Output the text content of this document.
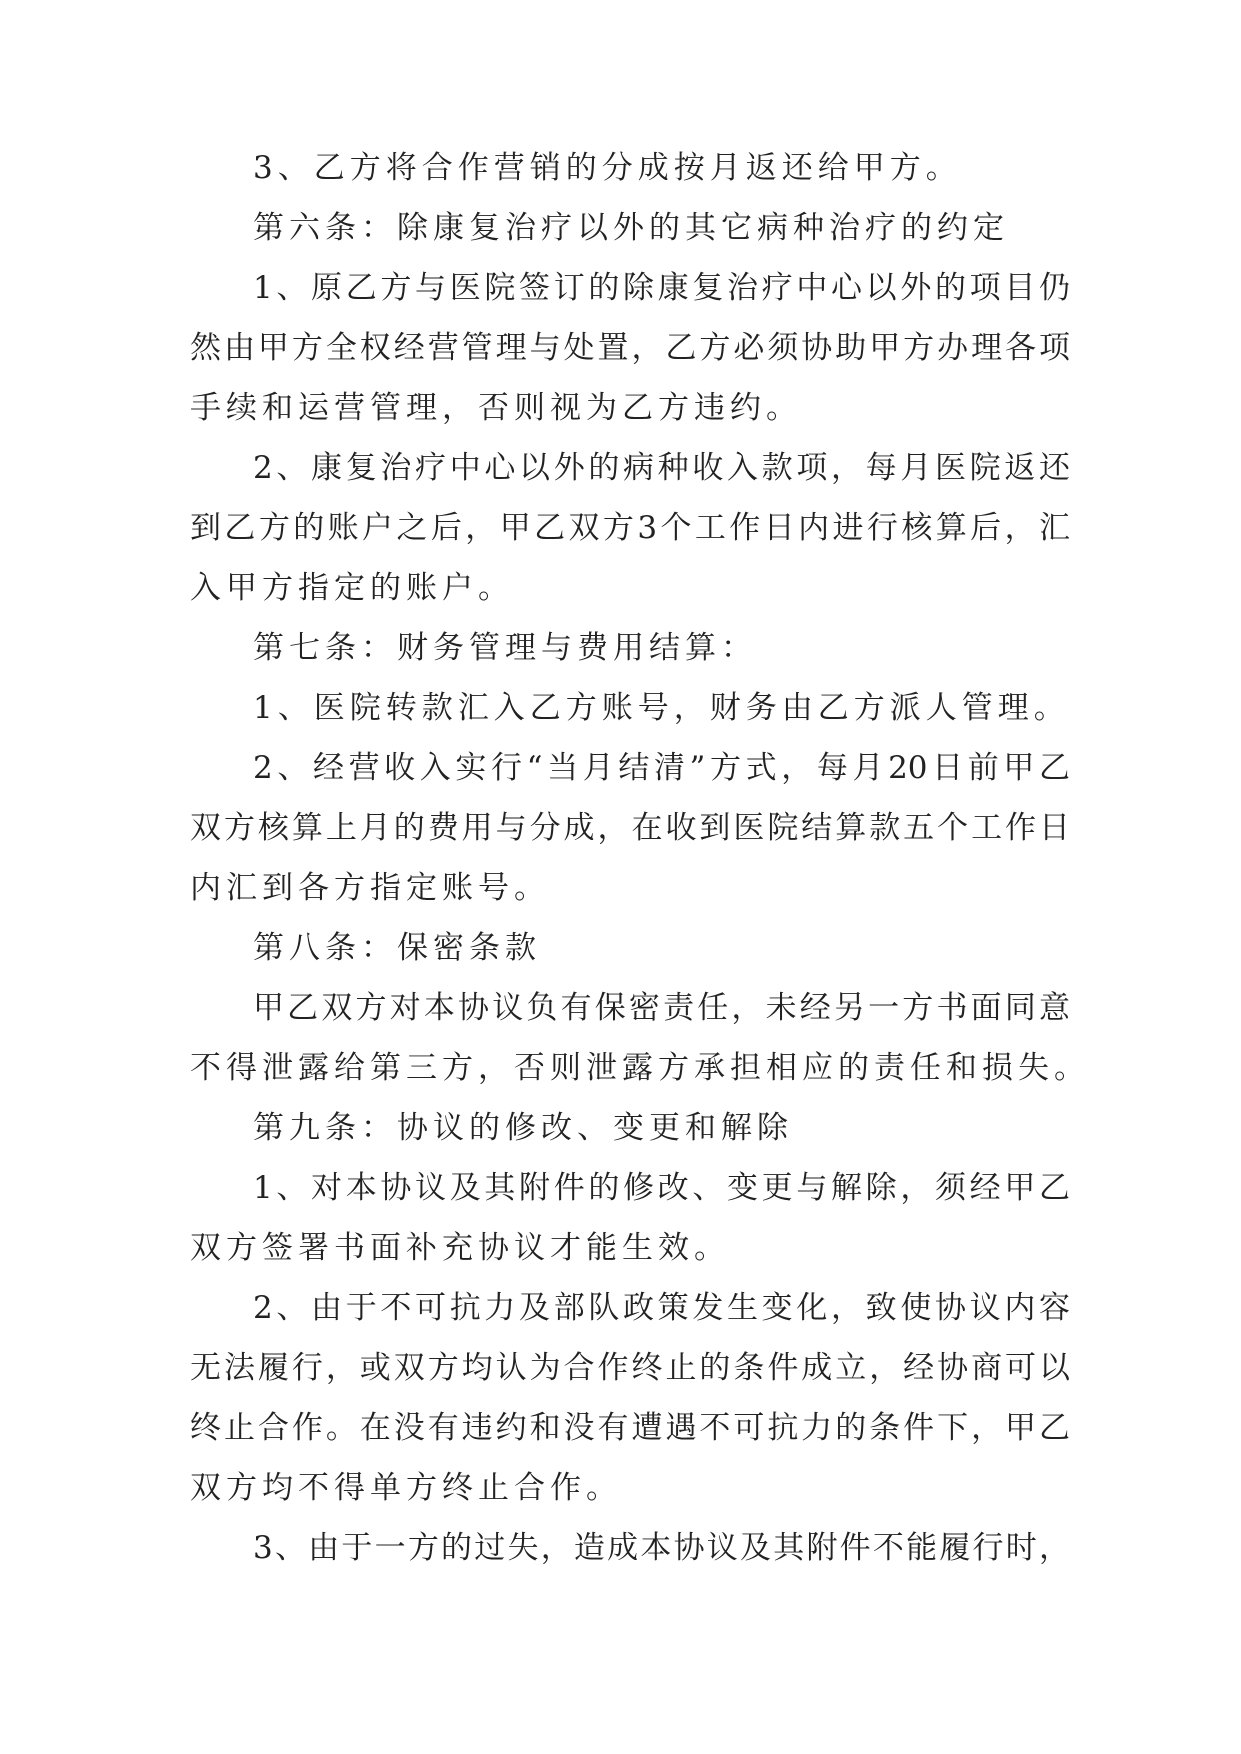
3、乙方将合作营销的分成按月返还给甲方。
第六条：除康复治疗以外的其它病种治疗的约定
1、原乙方与医院签订的除康复治疗中心以外的项目仍
然由甲方全权经营管理与处置，乙方必须协助甲方办理各项
手续和运营管理，否则视为乙方违约。
2、康复治疗中心以外的病种收入款项，每月医院返还
到乙方的账户之后，甲乙双方3个工作日内进行核算后，汇
入甲方指定的账户。
第七条：财务管理与费用结算：
1、医院转款汇入乙方账号，财务由乙方派人管理。
2、经营收入实行“当月结清”方式，每月20日前甲乙
双方核算上月的费用与分成，在收到医院结算款五个工作日
内汇到各方指定账号。
第八条：保密条款
甲乙双方对本协议负有保密责任，未经另一方书面同意
不得泄露给第三方，否则泄露方承担相应的责任和损失。
第九条：协议的修改、变更和解除
1、对本协议及其附件的修改、变更与解除，须经甲乙
双方签署书面补充协议才能生效。
2、由于不可抗力及部队政策发生变化，致使协议内容
无法履行，或双方均认为合作终止的条件成立，经协商可以
终止合作。在没有违约和没有遭遇不可抗力的条件下，甲乙
双方均不得单方终止合作。
3、由于一方的过失，造成本协议及其附件不能履行时，
